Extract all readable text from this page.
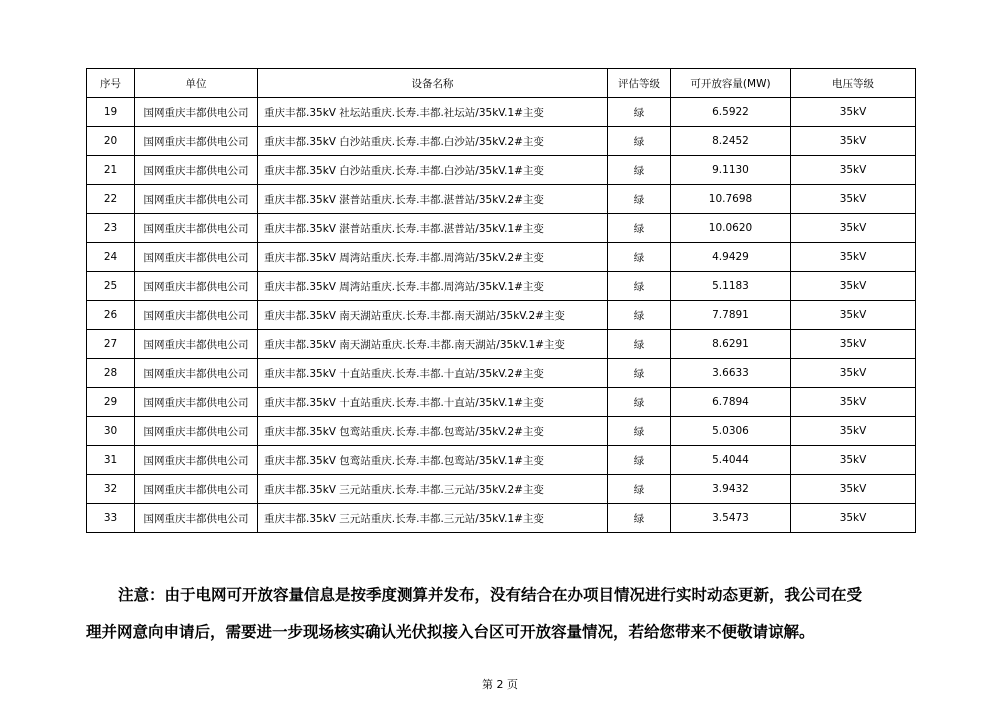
序号	单位	设备名称	评估等级	可开放容量(MW)	电压等级
19	国网重庆丰都供电公司	重庆丰都.35kV 社坛站重庆.长寿.丰都.社坛站/35kV.1#主变	绿	6.5922	35kV
20	国网重庆丰都供电公司	重庆丰都.35kV 白沙站重庆.长寿.丰都.白沙站/35kV.2#主变	绿	8.2452	35kV
21	国网重庆丰都供电公司	重庆丰都.35kV 白沙站重庆.长寿.丰都.白沙站/35kV.1#主变	绿	9.1130	35kV
22	国网重庆丰都供电公司	重庆丰都.35kV 湛普站重庆.长寿.丰都.湛普站/35kV.2#主变	绿	10.7698	35kV
23	国网重庆丰都供电公司	重庆丰都.35kV 湛普站重庆.长寿.丰都.湛普站/35kV.1#主变	绿	10.0620	35kV
24	国网重庆丰都供电公司	重庆丰都.35kV 周湾站重庆.长寿.丰都.周湾站/35kV.2#主变	绿	4.9429	35kV
25	国网重庆丰都供电公司	重庆丰都.35kV 周湾站重庆.长寿.丰都.周湾站/35kV.1#主变	绿	5.1183	35kV
26	国网重庆丰都供电公司	重庆丰都.35kV 南天湖站重庆.长寿.丰都.南天湖站/35kV.2#主变	绿	7.7891	35kV
27	国网重庆丰都供电公司	重庆丰都.35kV 南天湖站重庆.长寿.丰都.南天湖站/35kV.1#主变	绿	8.6291	35kV
28	国网重庆丰都供电公司	重庆丰都.35kV 十直站重庆.长寿.丰都.十直站/35kV.2#主变	绿	3.6633	35kV
29	国网重庆丰都供电公司	重庆丰都.35kV 十直站重庆.长寿.丰都.十直站/35kV.1#主变	绿	6.7894	35kV
30	国网重庆丰都供电公司	重庆丰都.35kV 包鸾站重庆.长寿.丰都.包鸾站/35kV.2#主变	绿	5.0306	35kV
31	国网重庆丰都供电公司	重庆丰都.35kV 包鸾站重庆.长寿.丰都.包鸾站/35kV.1#主变	绿	5.4044	35kV
32	国网重庆丰都供电公司	重庆丰都.35kV 三元站重庆.长寿.丰都.三元站/35kV.2#主变	绿	3.9432	35kV
33	国网重庆丰都供电公司	重庆丰都.35kV 三元站重庆.长寿.丰都.三元站/35kV.1#主变	绿	3.5473	35kV

注意：由于电网可开放容量信息是按季度测算并发布，没有结合在办项目情况进行实时动态更新，我公司在受

理并网意向申请后，需要进一步现场核实确认光伏拟接入台区可开放容量情况，若给您带来不便敬请谅解。
第 2 页
